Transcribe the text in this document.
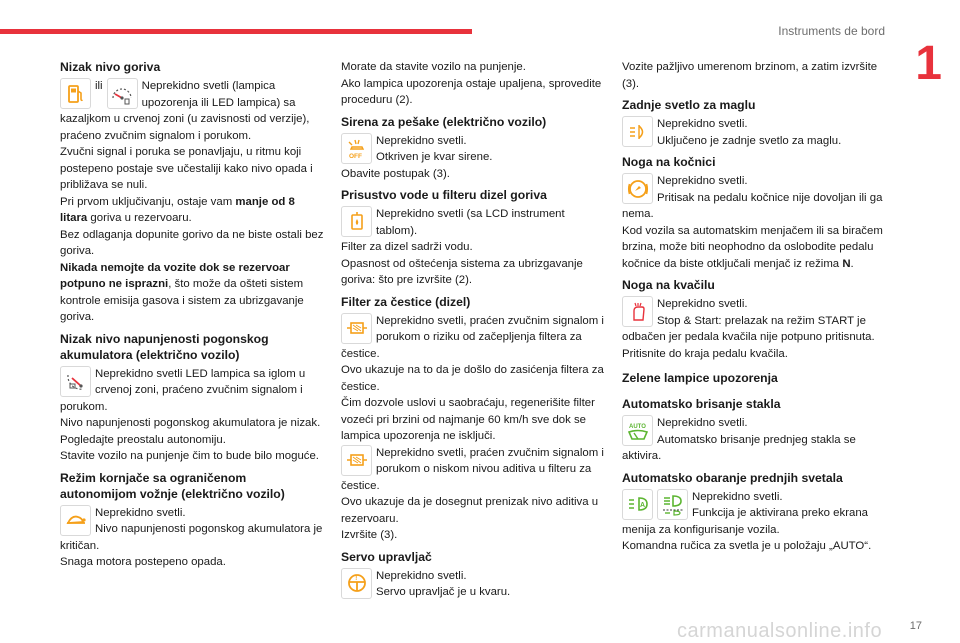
Instruments de bord
1
17
carmanualsonline.info
Nizak nivo goriva
ili	Neprekidno svetli (lampica upozorenja ili LED lampica) sa kazaljkom u crvenoj zoni (u zavisnosti od verzije), praćeno zvučnim signalom i porukom.

Zvučni signal i poruka se ponavljaju, u ritmu koji postepeno postaje sve učestaliji kako nivo opada i približava se nuli.

Pri prvom uključivanju, ostaje vam manje od 8 litara goriva u rezervoaru.

Bez odlaganja dopunite gorivo da ne biste ostali bez goriva.

Nikada nemojte da vozite dok se rezervoar potpuno ne isprazni, što može da ošteti sistem kontrole emisija gasova i sistem za ubrizgavanje goriva.

Nizak nivo napunjenosti pogonskog akumulatora (električno vozilo)

Neprekidno svetli LED lampica sa iglom u crvenoj zoni, praćeno zvučnim signalom i porukom.

Nivo napunjenosti pogonskog akumulatora je nizak.

Pogledajte preostalu autonomiju.

Stavite vozilo na punjenje čim to bude bilo moguće.

Režim kornjače sa ograničenom autonomijom vožnje (električno vozilo)

Neprekidno svetli.

Nivo napunjenosti pogonskog akumulatora je kritičan.

Snaga motora postepeno opada.

Morate da stavite vozilo na punjenje.

Ako lampica upozorenja ostaje upaljena, sprovedite proceduru (2).

Sirena za pešake (električno vozilo)
OFF

Neprekidno svetli.

Otkriven je kvar sirene.

Obavite postupak (3).

Prisustvo vode u filteru dizel goriva

Neprekidno svetli (sa LCD instrument tablom).

Filter za dizel sadrži vodu.

Opasnost od oštećenja sistema za ubrizgavanje goriva: što pre izvršite (2).

Filter za čestice (dizel)

Neprekidno svetli, praćen zvučnim signalom i porukom o riziku od začepljenja filtera za čestice.

Ovo ukazuje na to da je došlo do zasićenja filtera za čestice.

Čim dozvole uslovi u saobraćaju, regenerišite filter vozeći pri brzini od najmanje 60 km/h sve dok se lampica upozorenja ne isključi.

Neprekidno svetli, praćen zvučnim signalom i porukom o niskom nivou aditiva u filteru za čestice.

Ovo ukazuje da je dosegnut prenizak nivo aditiva u rezervoaru.

Izvršite (3).

Servo upravljač
!	Neprekidno svetli.

Servo upravljač je u kvaru.

Vozite pažljivo umerenom brzinom, a zatim izvršite (3).

Zadnje svetlo za maglu

Neprekidno svetli.

Uključeno je zadnje svetlo za maglu.

Noga na kočnici

Neprekidno svetli.

Pritisak na pedalu kočnice nije dovoljan ili ga nema.

Kod vozila sa automatskim menjačem ili sa biračem brzina, može biti neophodno da oslobodite pedalu kočnice da biste otključali menjač iz režima N.

Noga na kvačilu

Neprekidno svetli.

Stop & Start: prelazak na režim START je odbačen jer pedala kvačila nije potpuno pritisnuta.

Pritisnite do kraja pedalu kvačila.

Zelene lampice upozorenja
Automatsko brisanje stakla
AUTO	Neprekidno svetli.

Automatsko brisanje prednjeg stakla se aktivira.

Automatsko obaranje prednjih svetala
A

Neprekidno svetli.

Funkcija je aktivirana preko ekrana menija za konfigurisanje vozila.

Komandna ručica za svetla je u položaju „AUTO“.
